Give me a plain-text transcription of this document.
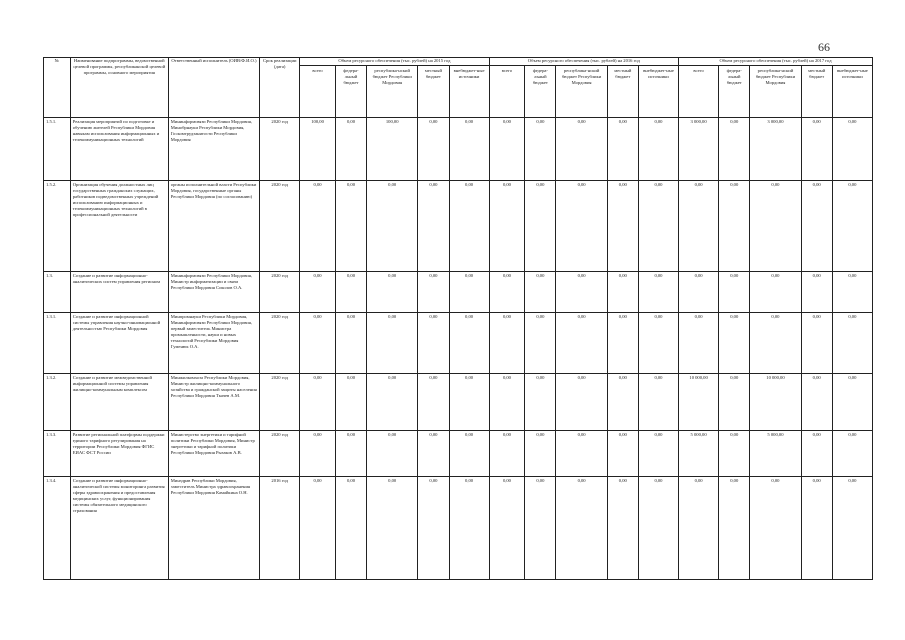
66
№	Наименование подпрограммы, ведомственной целевой программы, республиканской целевой программы, основного мероприятия	Ответственный исполнитель (ОИВ/Ф.И.О.)	Срок реализации (дата)	Объем ресурсного обеспечения (тыс. рублей) на 2015 год					Объем ресурсного обеспечения (тыс. рублей) на 2016 год					Объем ресурсного обеспечения (тыс. рублей) на 2017 год				
				всего	федера-льный бюджет	республика-нский бюджет Республики Мордовия	местный бюджет	внебюджет-ные источники	всего	федера-льный бюджет	республика-нский бюджет Республики Мордовия	местный бюджет	внебюджет-ные источники	всего	федера-льный бюджет	республика-нский бюджет Республики Мордовия	местный бюджет	внебюджет-ные источники
1.5.1.	Реализация мероприятий по подготовке и обучению жителей Республики Мордовия навыкам использования информационных и телекоммуникационных технологий	Мининформсвязи Республики Мордовия, Минобрнауки Республики Мордовия, Госкомтрудзанятости Республики Мордовия	2020 год	100,00	0,00	100,00	0,00	0,00	0,00	0,00	0,00	0,00	0,00	3 000,00	0,00	3 000,00	0,00	0,00
1.5.2.	Организация обучения должностных лиц государственных гражданских служащих, работников подведомственных учреждений использованию информационных и телекоммуникационных технологий в профессиональной деятельности	органы исполнительной власти Республики Мордовия, государственные органы Республики Мордовия (по согласованию)	2020 год	0,00	0,00	0,00	0,00	0,00	0,00	0,00	0,00	0,00	0,00	0,00	0,00	0,00	0,00	0,00
1.3.	Создание и развитие информационно-аналитических систем управления регионом	Мининформсвязи Республики Мордовия, Министр информатизации и связи Республики Мордовия Соколов О.А.	2020 год	0,00	0,00	0,00	0,00	0,00	0,00	0,00	0,00	0,00	0,00	0,00	0,00	0,00	0,00	0,00
1.3.1.	Создание и развитие информационной системы управления научно-инновационной деятельностью Республики Мордовия	Минпромнауки Республики Мордовия, Мининформсвязи Республики Мордовия, первый заместитель Министра промышленности, науки и новых технологий Республики Мордовия Гуменюк О.А.	2020 год	0,00	0,00	0,00	0,00	0,00	0,00	0,00	0,00	0,00	0,00	0,00	0,00	0,00	0,00	0,00
1.3.2.	Создание и развитие межведомственной информационной системы управления жилищно-коммунальным комплексом	Минжилкомхоза Республики Мордовия, Министр жилищно-коммунального хозяйства и гражданской защиты населения Республики Мордовия Ткачев А.М.	2020 год	0,00	0,00	0,00	0,00	0,00	0,00	0,00	0,00	0,00	0,00	10 000,00	0,00	10 000,00	0,00	0,00
1.3.3.	Развитие региональной платформы поддержки единого тарифного регулирования на территории Республики Мордовия ФГИС ЕИАС ФСТ России	Министерство энергетики и тарифной политики Республики Мордовия, Министр энергетики и тарифной политики Республики Мордовия Рызаков А.В.	2020 год	0,00	0,00	0,00	0,00	0,00	0,00	0,00	0,00	0,00	0,00	5 000,00	0,00	5 000,00	0,00	0,00
1.3.4.	Создание и развитие информационно-аналитической системы мониторинга развития сферы здравоохранения и предоставления медицинских услуг, функционирования системы обязательного медицинского страхования	Минздрав Республики Мордовия, заместитель Министра здравоохранения Республики Мордовия Камайкина О.Н.	2016 год	0,00	0,00	0,00	0,00	0,00	0,00	0,00	0,00	0,00	0,00	0,00	0,00	0,00	0,00	0,00
